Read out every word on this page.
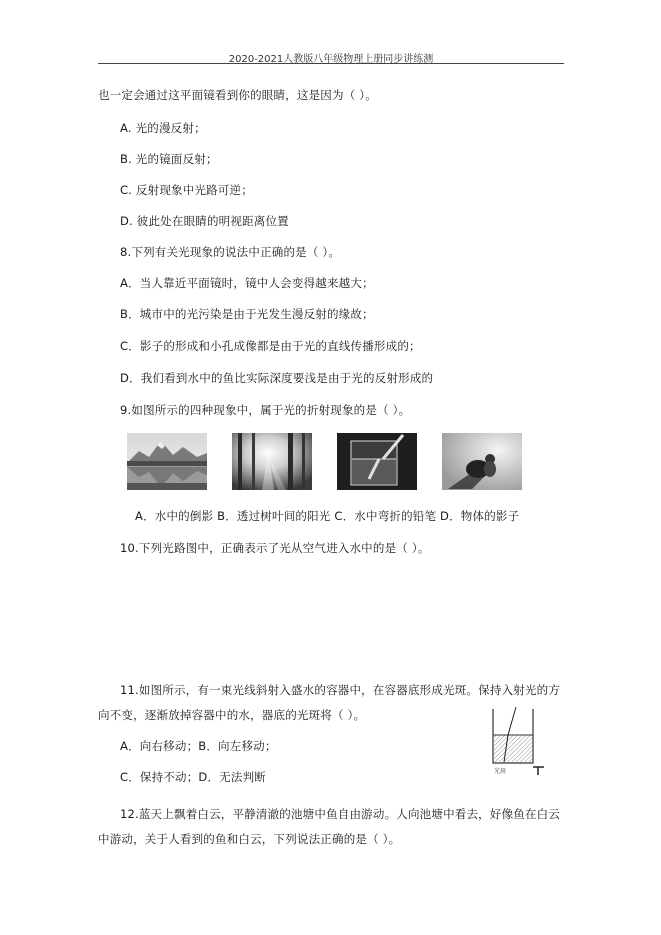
2020-2021人教版八年级物理上册同步讲练测
也一定会通过这平面镜看到你的眼睛，这是因为（ ）。
A. 光的漫反射；
B. 光的镜面反射；
C. 反射现象中光路可逆；
D. 彼此处在眼睛的明视距离位置
8.下列有关光现象的说法中正确的是（ ）。
A．当人靠近平面镜时，镜中人会变得越来越大；
B．城市中的光污染是由于光发生漫反射的缘故；
C．影子的形成和小孔成像都是由于光的直线传播形成的；
D．我们看到水中的鱼比实际深度要浅是由于光的反射形成的
9.如图所示的四种现象中，属于光的折射现象的是（ ）。
A．水中的倒影 B．透过树叶间的阳光 C．水中弯折的铅笔 D．物体的影子
10.下列光路图中，正确表示了光从空气进入水中的是（ ）。
11.如图所示，有一束光线斜射入盛水的容器中，在容器底形成光斑。保持入射光的方
向不变，逐渐放掉容器中的水，器底的光斑将（ ）。
A．向右移动；B．向左移动；
C．保持不动；D．无法判断	光斑
12.蓝天上飘着白云，平静清澈的池塘中鱼自由游动。人向池塘中看去，好像鱼在白云
中游动，关于人看到的鱼和白云，下列说法正确的是（ ）。
